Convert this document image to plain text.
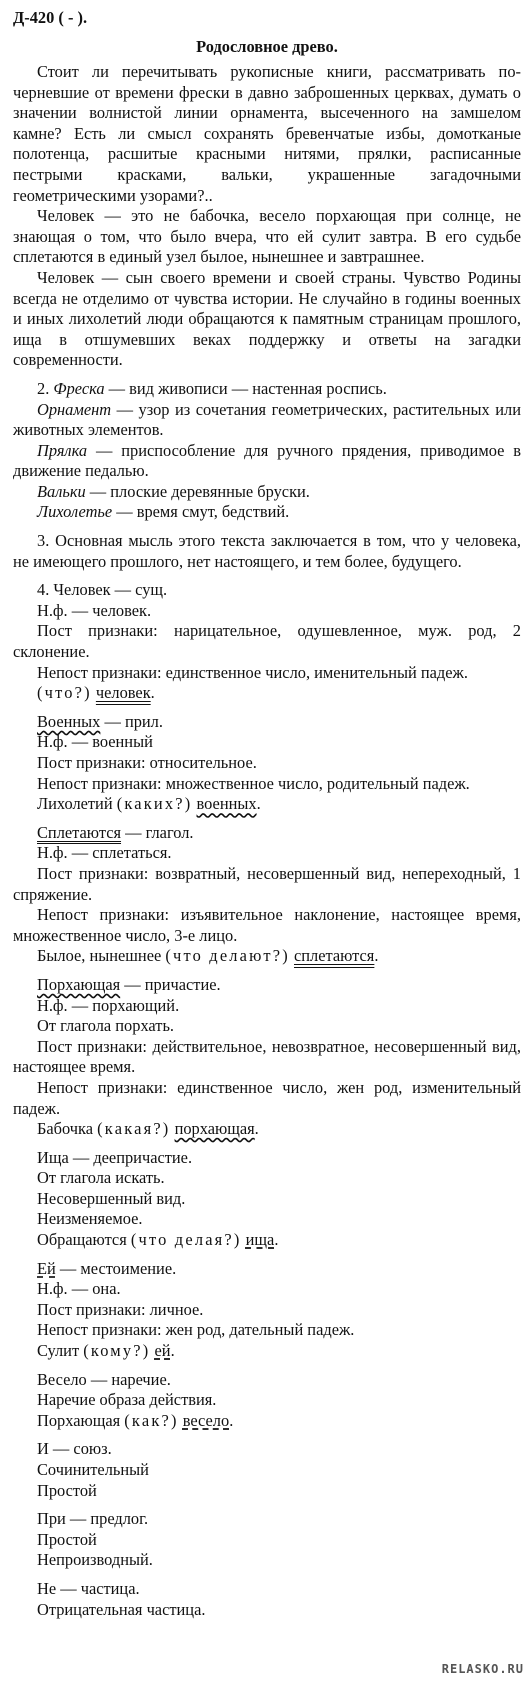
Д-420 ( - ).
Родословное древо.

Стоит ли перечитывать рукописные книги, рассматривать почерневшие от времени фрески в давно заброшенных церквах, думать о значении волнистой линии орнамента, высеченного на замшелом камне? Есть ли смысл сохранять бревенчатые избы, домотканые полотенца, расшитые красными нитями, прялки, расписанные пестрыми красками, вальки, украшенные загадочными геометрическими узорами?..

Человек — это не бабочка, весело порхающая при солнце, не знающая о том, что было вчера, что ей сулит завтра. В его судьбе сплетаются в единый узел былое, нынешнее и завтрашнее.

Человек — сын своего времени и своей страны. Чувство Родины всегда не отделимо от чувства истории. Не случайно в годины военных и иных лихолетий люди обращаются к памятным страницам прошлого, ища в отшумевших веках поддержку и ответы на загадки современности.

2. Фреска — вид живописи — настенная роспись.

Орнамент — узор из сочетания геометрических, растительных или животных элементов.

Прялка — приспособление для ручного прядения, приводимое в движение педалью.

Вальки — плоские деревянные бруски.

Лихолетье — время смут, бедствий.

3. Основная мысль этого текста заключается в том, что у человека, не имеющего прошлого, нет настоящего, и тем более, будущего.

4. Человек — сущ.

Н.ф. — человек.

Пост признаки: нарицательное, одушевленное, муж. род, 2 склонение.

Непост признаки: единственное число, именительный падеж.

(что?) человек.

Военных — прил.

Н.ф. — военный

Пост признаки: относительное.

Непост признаки: множественное число, родительный падеж.

Лихолетий (каких?) военных.

Сплетаются — глагол.

Н.ф. — сплетаться.

Пост признаки: возвратный, несовершенный вид, непереходный, 1 спряжение.

Непост признаки: изъявительное наклонение, настоящее время, множественное число, 3-е лицо.

Былое, нынешнее (что делают?) сплетаются.

Порхающая — причастие.

Н.ф. — порхающий.

От глагола порхать.

Пост признаки: действительное, невозвратное, несовершенный вид, настоящее время.

Непост признаки: единственное число, жен род, изменительный падеж.

Бабочка (какая?) порхающая.

Ища — деепричастие.

От глагола искать.

Несовершенный вид.

Неизменяемое.

Обращаются (что делая?) ища.

Ей — местоимение.

Н.ф. — она.

Пост признаки: личное.

Непост признаки: жен род, дательный падеж.

Сулит (кому?) ей.

Весело — наречие.

Наречие образа действия.

Порхающая (как?) весело.

И — союз.

Сочинительный

Простой

При — предлог.

Простой

Непроизводный.

Не — частица.

Отрицательная частица.

RELASKO.RU
